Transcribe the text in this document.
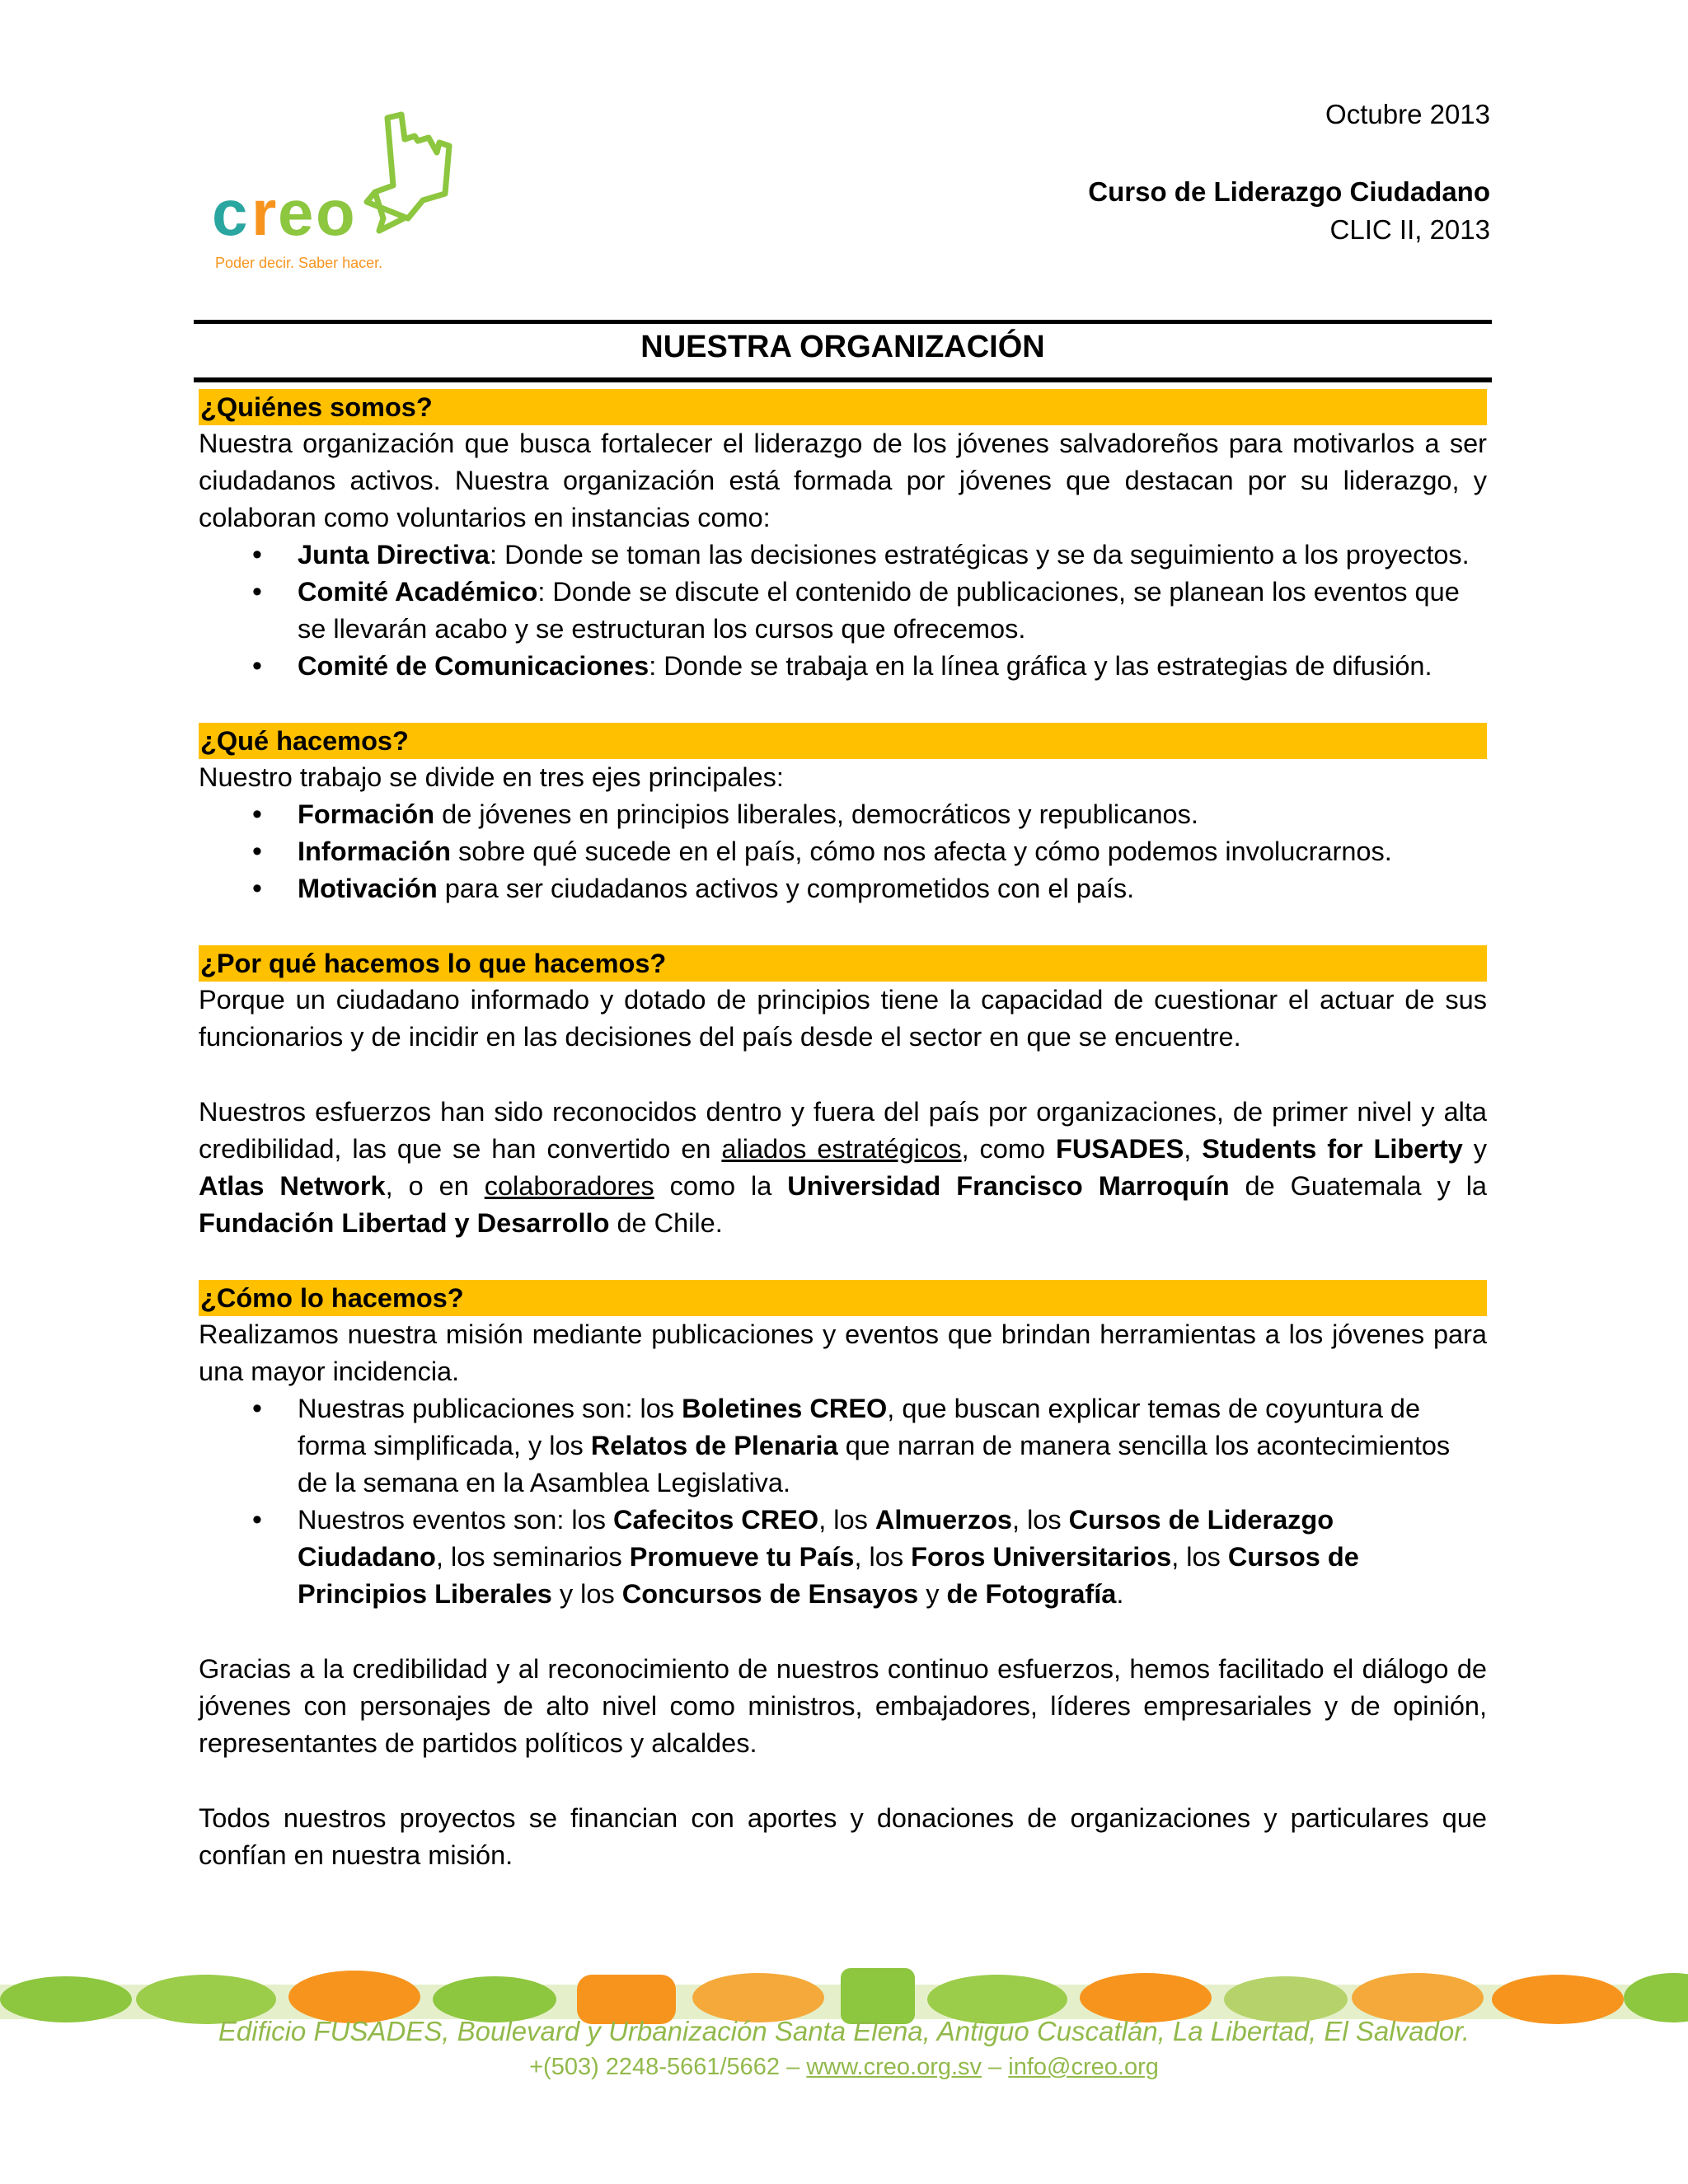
Octubre 2013
Curso de Liderazgo Ciudadano
CLIC II, 2013
c r e o
Poder decir. Saber hacer.
NUESTRA ORGANIZACIÓN
¿Quiénes somos?

Nuestra organización que busca fortalecer el liderazgo de los jóvenes salvadoreños para motivarlos a ser ciudadanos activos. Nuestra organización está formada por jóvenes que destacan por su liderazgo, y colaboran como voluntarios en instancias como:

• Junta Directiva: Donde se toman las decisiones estratégicas y se da seguimiento a los proyectos.
• Comité Académico: Donde se discute el contenido de publicaciones, se planean los eventos que se llevarán acabo y se estructuran los cursos que ofrecemos.
• Comité de Comunicaciones: Donde se trabaja en la línea gráfica y las estrategias de difusión.
¿Qué hacemos?

Nuestro trabajo se divide en tres ejes principales:

• Formación de jóvenes en principios liberales, democráticos y republicanos.
• Información sobre qué sucede en el país, cómo nos afecta y cómo podemos involucrarnos.
• Motivación para ser ciudadanos activos y comprometidos con el país.
¿Por qué hacemos lo que hacemos?

Porque un ciudadano informado y dotado de principios tiene la capacidad de cuestionar el actuar de sus funcionarios y de incidir en las decisiones del país desde el sector en que se encuentre.

Nuestros esfuerzos han sido reconocidos dentro y fuera del país por organizaciones, de primer nivel y alta credibilidad, las que se han convertido en aliados estratégicos, como FUSADES, Students for Liberty y Atlas Network, o en colaboradores como la Universidad Francisco Marroquín de Guatemala y la Fundación Libertad y Desarrollo de Chile.

¿Cómo lo hacemos?

Realizamos nuestra misión mediante publicaciones y eventos que brindan herramientas a los jóvenes para una mayor incidencia.

• Nuestras publicaciones son: los Boletines CREO, que buscan explicar temas de coyuntura de forma simplificada, y los Relatos de Plenaria que narran de manera sencilla los acontecimientos de la semana en la Asamblea Legislativa.
• Nuestros eventos son: los Cafecitos CREO, los Almuerzos, los Cursos de Liderazgo Ciudadano, los seminarios Promueve tu País, los Foros Universitarios, los Cursos de Principios Liberales y los Concursos de Ensayos y de Fotografía.

Gracias a la credibilidad y al reconocimiento de nuestros continuo esfuerzos, hemos facilitado el diálogo de jóvenes con personajes de alto nivel como ministros, embajadores, líderes empresariales y de opinión, representantes de partidos políticos y alcaldes.

Todos nuestros proyectos se financian con aportes y donaciones de organizaciones y particulares que confían en nuestra misión.

Edificio FUSADES, Boulevard y Urbanización Santa Elena, Antiguo Cuscatlán, La Libertad, El Salvador.
+(503) 2248-5661/5662 – www.creo.org.sv – info@creo.org
